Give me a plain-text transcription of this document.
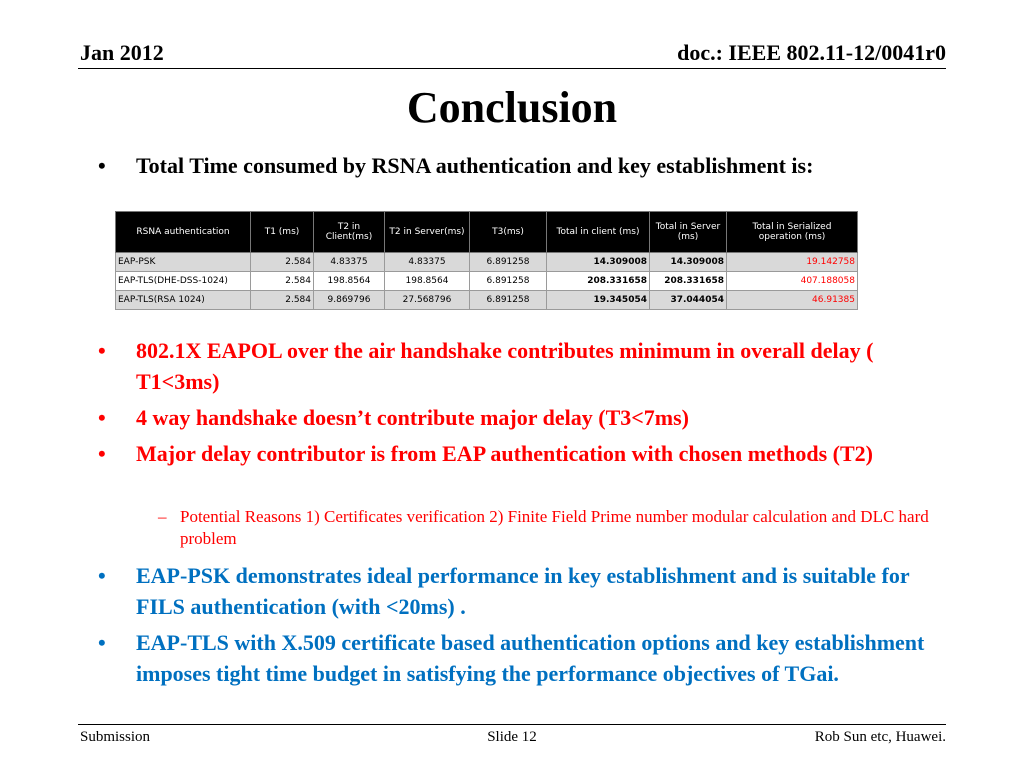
Jan 2012	doc.: IEEE 802.11-12/0041r0
Conclusion
• Total Time consumed by RSNA authentication and key establishment is:
RSNA authentication	T1 (ms)	T2 in Client(ms)	T2 in Server(ms)	T3(ms)	Total in client (ms)	Total in Server (ms)	Total in Serialized operation (ms)
EAP-PSK	2.584	4.83375	4.83375	6.891258	14.309008	14.309008	19.142758
EAP-TLS(DHE-DSS-1024)	2.584	198.8564	198.8564	6.891258	208.331658	208.331658	407.188058
EAP-TLS(RSA 1024)	2.584	9.869796	27.568796	6.891258	19.345054	37.044054	46.91385
• 802.1X EAPOL over the air handshake contributes minimum in overall delay ( T1<3ms)
• 4 way handshake doesn’t contribute major delay (T3<7ms)
• Major delay contributor is from EAP authentication with chosen methods (T2)
– Potential Reasons 1) Certificates verification 2) Finite Field Prime number modular calculation and DLC hard problem
• EAP-PSK demonstrates ideal performance in key establishment and is suitable for FILS authentication (with <20ms) .
• EAP-TLS with X.509 certificate based authentication options and key establishment imposes tight time budget in satisfying the performance objectives of TGai.
Submission	Slide 12	Rob Sun etc, Huawei.
